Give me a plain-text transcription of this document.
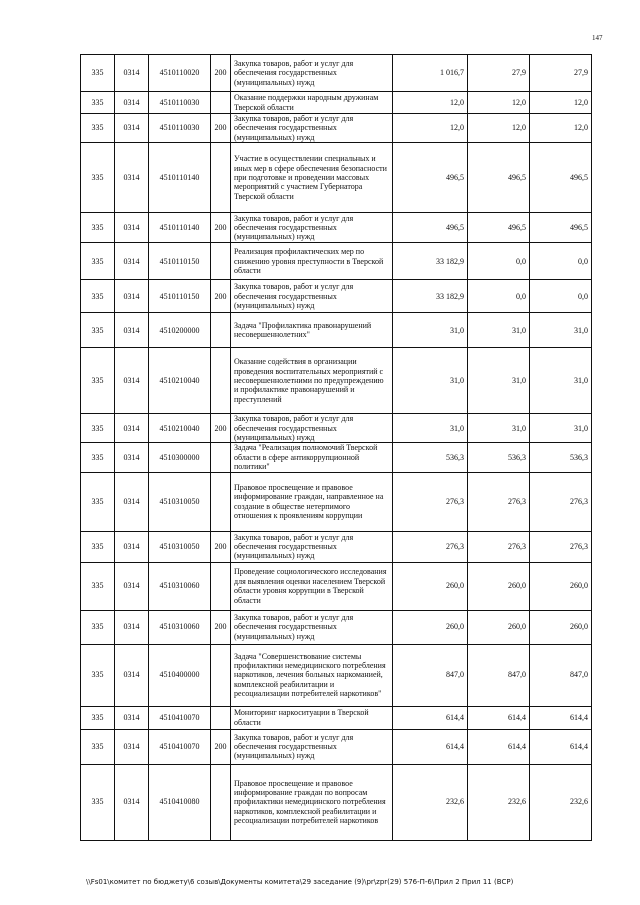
147
335	0314	4510110020	200	Закупка товаров, работ и услуг для обеспечения государственных (муниципальных) нужд	1 016,7	27,9	27,9
335	0314	4510110030		Оказание поддержки народным дружинам Тверской области	12,0	12,0	12,0
335	0314	4510110030	200	Закупка товаров, работ и услуг для обеспечения государственных (муниципальных) нужд	12,0	12,0	12,0
335	0314	4510110140		Участие в осуществлении специальных и иных мер в сфере обеспечения безопасности при подготовке и проведении массовых мероприятий с участием Губернатора Тверской области	496,5	496,5	496,5
335	0314	4510110140	200	Закупка товаров, работ и услуг для обеспечения государственных (муниципальных) нужд	496,5	496,5	496,5
335	0314	4510110150		Реализация профилактических мер по снижению уровня преступности в Тверской области	33 182,9	0,0	0,0
335	0314	4510110150	200	Закупка товаров, работ и услуг для обеспечения государственных (муниципальных) нужд	33 182,9	0,0	0,0
335	0314	4510200000		Задача "Профилактика правонарушений несовершеннолетних"	31,0	31,0	31,0
335	0314	4510210040		Оказание содействия в организации проведения воспитательных мероприятий с несовершеннолетними по предупреждению и профилактике правонарушений и преступлений	31,0	31,0	31,0
335	0314	4510210040	200	Закупка товаров, работ и услуг для обеспечения государственных (муниципальных) нужд	31,0	31,0	31,0
335	0314	4510300000		Задача "Реализация полномочий Тверской области в сфере антикоррупционной политики"	536,3	536,3	536,3
335	0314	4510310050		Правовое просвещение и правовое информирование граждан, направленное на создание в обществе нетерпимого отношения к проявлениям коррупции	276,3	276,3	276,3
335	0314	4510310050	200	Закупка товаров, работ и услуг для обеспечения государственных (муниципальных) нужд	276,3	276,3	276,3
335	0314	4510310060		Проведение социологического исследования для выявления оценки населением Тверской области уровня коррупции в Тверской области	260,0	260,0	260,0
335	0314	4510310060	200	Закупка товаров, работ и услуг для обеспечения государственных (муниципальных) нужд	260,0	260,0	260,0
335	0314	4510400000		Задача "Совершенствование системы профилактики немедицинского потребления наркотиков, лечения больных наркоманией, комплексной реабилитации и ресоциализации потребителей наркотиков"	847,0	847,0	847,0
335	0314	4510410070		Мониторинг наркоситуации в Тверской области	614,4	614,4	614,4
335	0314	4510410070	200	Закупка товаров, работ и услуг для обеспечения государственных (муниципальных) нужд	614,4	614,4	614,4
335	0314	4510410080		Правовое просвещение и правовое информирование граждан по вопросам профилактики немедицинского потребления наркотиков, комплексной реабилитации и ресоциализации потребителей наркотиков	232,6	232,6	232,6
\\Fs01\комитет по бюджету\6 созыв\Документы комитета\29 заседание (9)\рr\zpr(29) 576-П-6\Прил 2 Прил 11 (ВСР)
